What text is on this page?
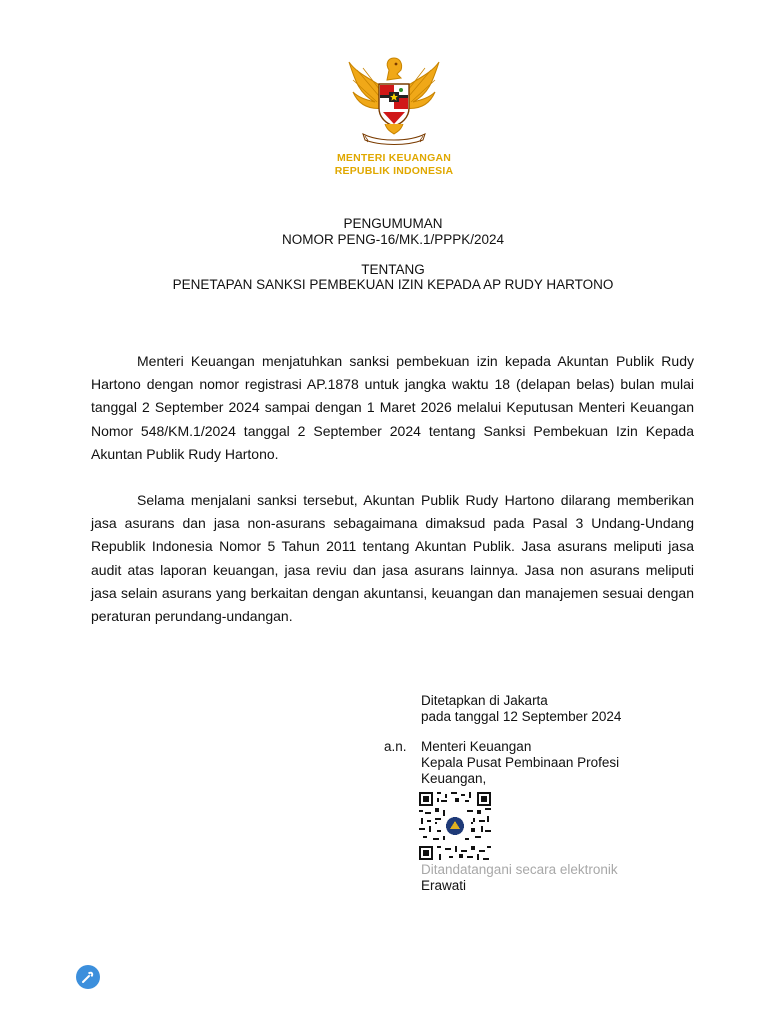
MENTERI KEUANGAN
REPUBLIK INDONESIA
PENGUMUMAN
NOMOR PENG-16/MK.1/PPPK/2024
TENTANG
PENETAPAN SANKSI PEMBEKUAN IZIN KEPADA AP RUDY HARTONO

Menteri Keuangan menjatuhkan sanksi pembekuan izin kepada Akuntan Publik Rudy Hartono dengan nomor registrasi AP.1878 untuk jangka waktu 18 (delapan belas) bulan mulai tanggal 2 September 2024 sampai dengan 1 Maret 2026 melalui Keputusan Menteri Keuangan Nomor 548/KM.1/2024 tanggal 2 September 2024 tentang Sanksi Pembekuan Izin Kepada Akuntan Publik Rudy Hartono.

Selama menjalani sanksi tersebut, Akuntan Publik Rudy Hartono dilarang memberikan jasa asurans dan jasa non-asurans sebagaimana dimaksud pada Pasal 3 Undang-Undang Republik Indonesia Nomor 5 Tahun 2011 tentang Akuntan Publik. Jasa asurans meliputi jasa audit atas laporan keuangan, jasa reviu dan jasa asurans lainnya. Jasa non asurans meliputi jasa selain asurans yang berkaitan dengan akuntansi, keuangan dan manajemen sesuai dengan peraturan perundang-undangan.

Ditetapkan di Jakarta
pada tanggal 12 September 2024
a.n. Menteri Keuangan
Kepala Pusat Pembinaan Profesi
Keuangan,
Ditandatangani secara elektronik
Erawati
